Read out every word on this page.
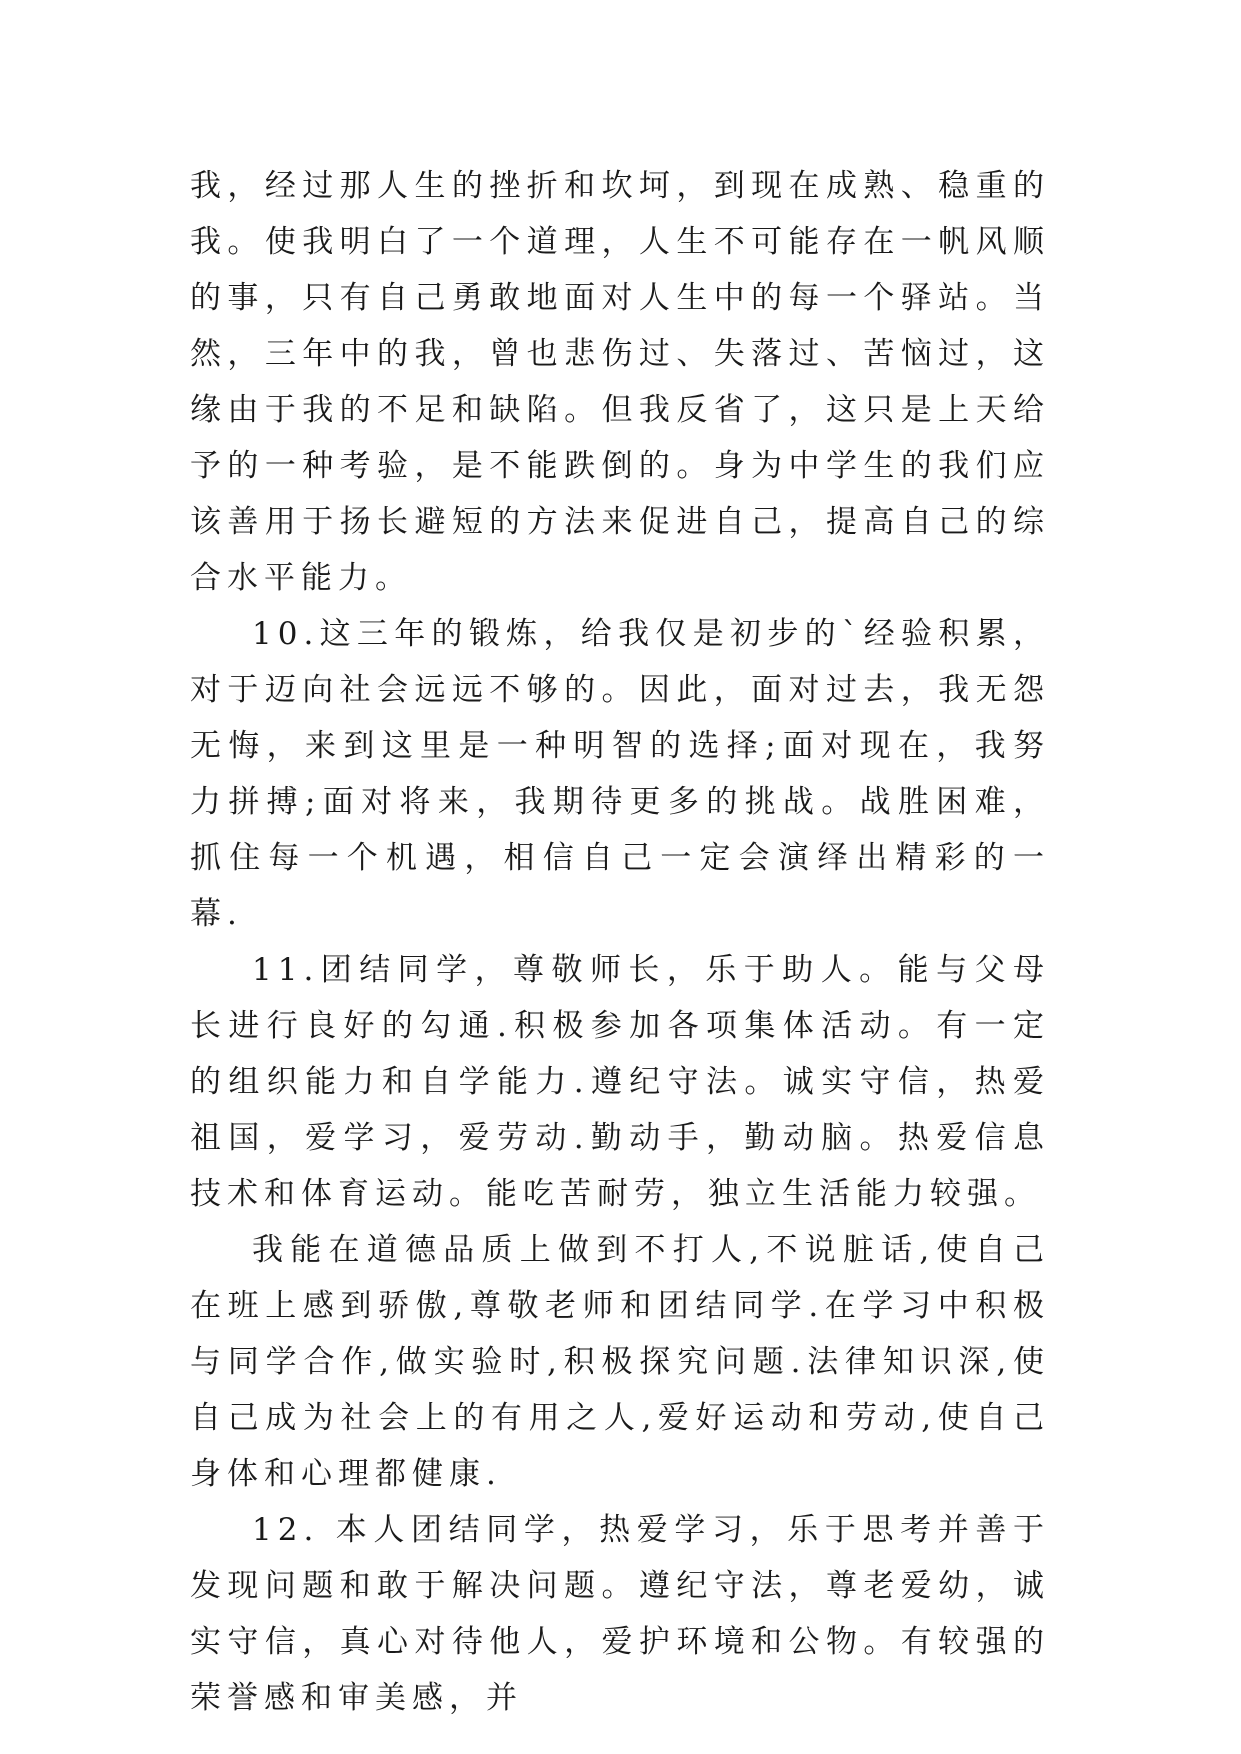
我，经过那人生的挫折和坎坷，到现在成熟、稳重的我。使我明白了一个道理，人生不可能存在一帆风顺的事，只有自己勇敢地面对人生中的每一个驿站。当然，三年中的我，曾也悲伤过、失落过、苦恼过，这缘由于我的不足和缺陷。但我反省了，这只是上天给予的一种考验，是不能跌倒的。身为中学生的我们应该善用于扬长避短的方法来促进自己，提高自己的综合水平能力。

10.这三年的锻炼，给我仅是初步的`经验积累，对于迈向社会远远不够的。因此，面对过去，我无怨无悔，来到这里是一种明智的选择;面对现在，我努力拼搏;面对将来，我期待更多的挑战。战胜困难，抓住每一个机遇，相信自己一定会演绎出精彩的一幕.

11.团结同学，尊敬师长，乐于助人。能与父母长进行良好的勾通.积极参加各项集体活动。有一定的组织能力和自学能力.遵纪守法。诚实守信，热爱祖国，爱学习，爱劳动.勤动手，勤动脑。热爱信息技术和体育运动。能吃苦耐劳，独立生活能力较强。

我能在道德品质上做到不打人,不说脏话,使自己在班上感到骄傲,尊敬老师和团结同学.在学习中积极与同学合作,做实验时,积极探究问题.法律知识深,使自己成为社会上的有用之人,爱好运动和劳动,使自己身体和心理都健康.

12. 本人团结同学，热爱学习，乐于思考并善于发现问题和敢于解决问题。遵纪守法，尊老爱幼，诚实守信，真心对待他人，爱护环境和公物。有较强的荣誉感和审美感，并
